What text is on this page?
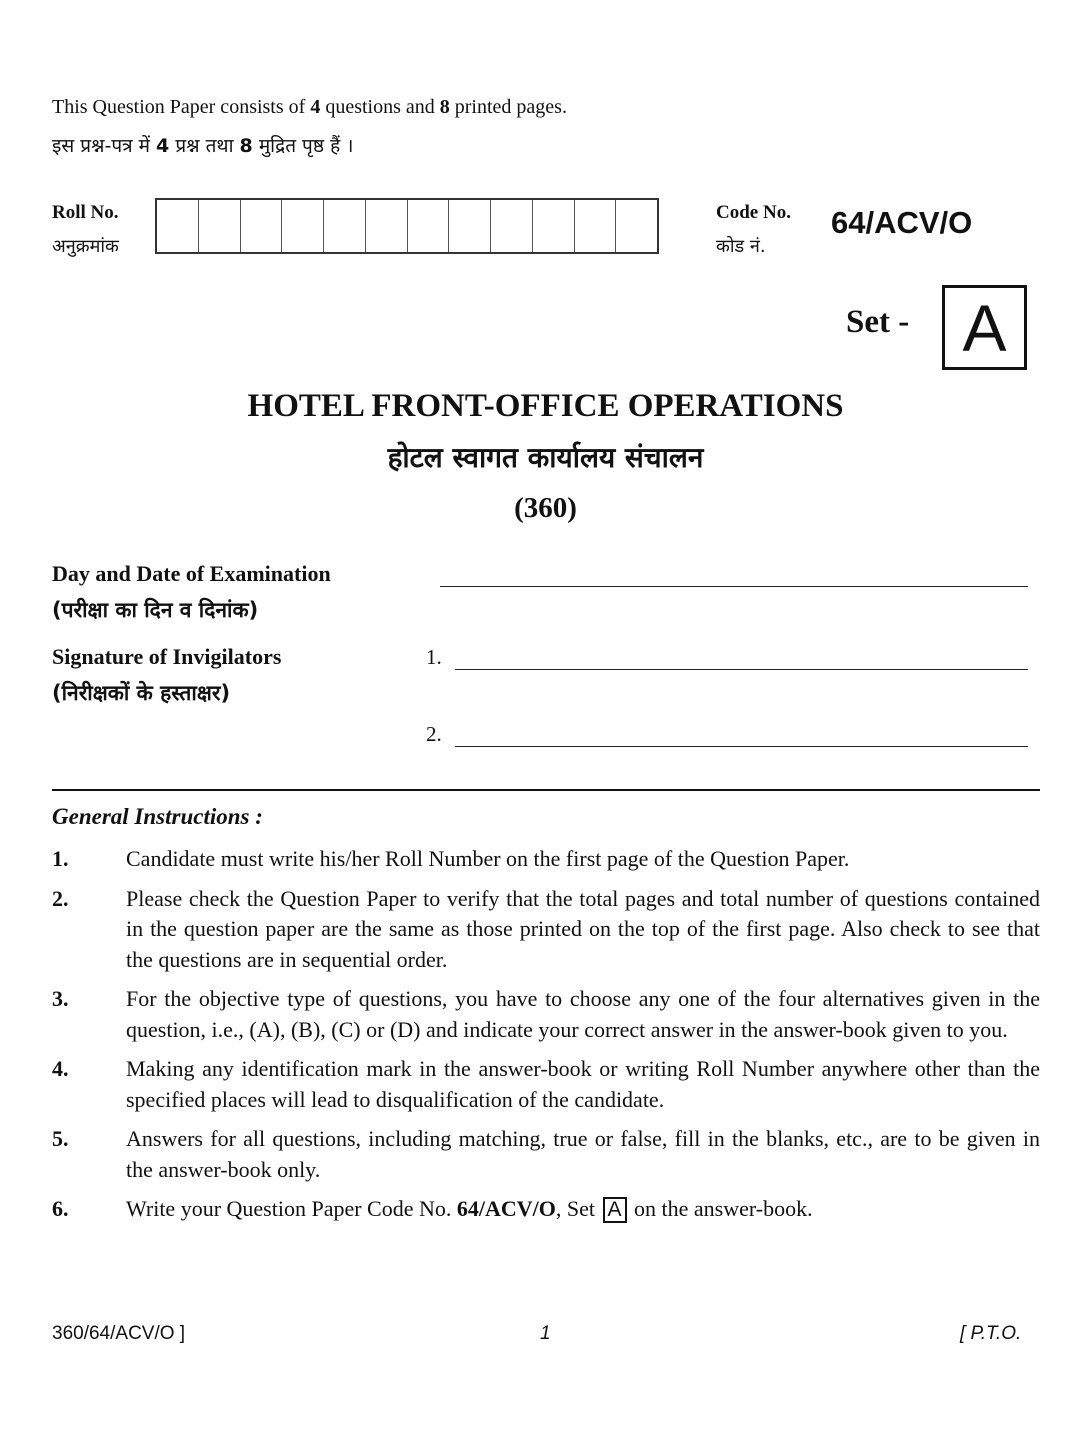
This Question Paper consists of 4 questions and 8 printed pages.
इस प्रश्न-पत्र में 4 प्रश्न तथा 8 मुद्रित पृष्ठ हैं ।
Roll No.
अनुक्रमांक
Code No.
कोड नं.
64/ACV/O
Set - A
HOTEL FRONT-OFFICE OPERATIONS
होटल स्वागत कार्यालय संचालन
(360)
Day and Date of Examination
(परीक्षा का दिन व दिनांक)
Signature of Invigilators
(निरीक्षकों के हस्ताक्षर)
1.
2.
General Instructions :
1.	Candidate must write his/her Roll Number on the first page of the Question Paper.
2.	Please check the Question Paper to verify that the total pages and total number of questions contained in the question paper are the same as those printed on the top of the first page. Also check to see that the questions are in sequential order.
3.	For the objective type of questions, you have to choose any one of the four alternatives given in the question, i.e., (A), (B), (C) or (D) and indicate your correct answer in the answer-book given to you.
4.	Making any identification mark in the answer-book or writing Roll Number anywhere other than the specified places will lead to disqualification of the candidate.
5.	Answers for all questions, including matching, true or false, fill in the blanks, etc., are to be given in the answer-book only.
6.	Write your Question Paper Code No. 64/ACV/O, Set A on the answer-book.
360/64/ACV/O ]	1	[ P.T.O.
